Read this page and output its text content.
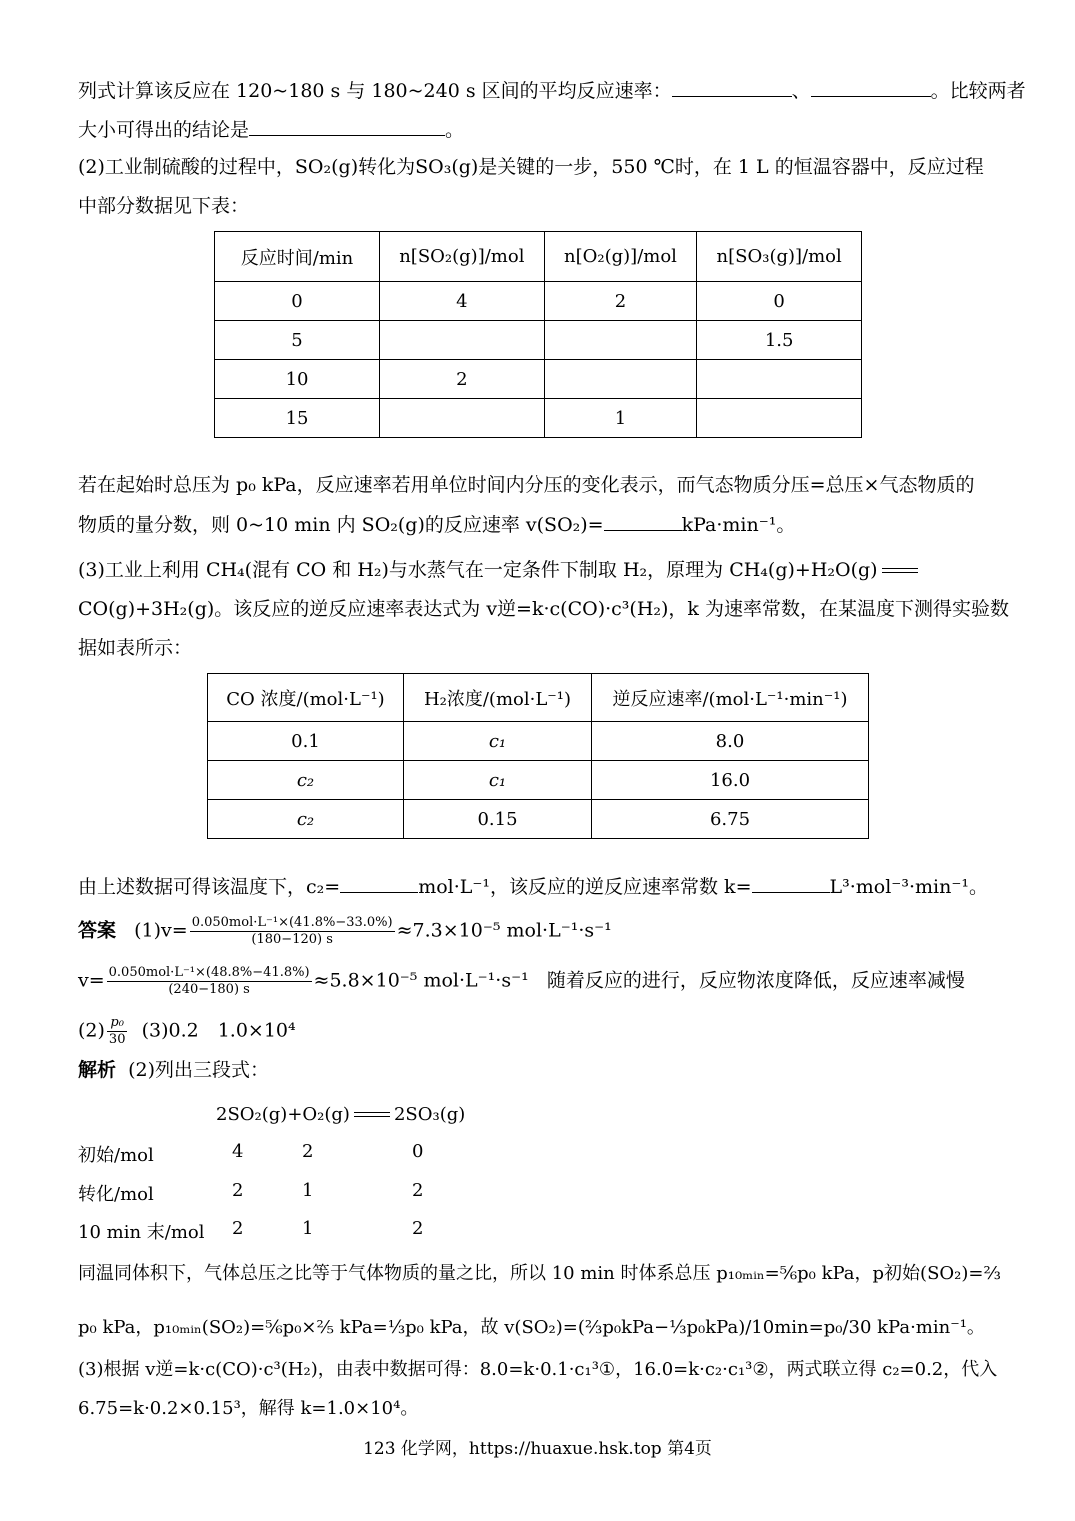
列式计算该反应在 120~180 s 与 180~240 s 区间的平均反应速率：	、	。比较两者
大小可得出的结论是	。
(2)工业制硫酸的过程中，SO₂(g)转化为SO₃(g)是关键的一步，550 ℃时，在 1 L 的恒温容器中，反应过程
中部分数据见下表：
反应时间/min	n[SO₂(g)]/mol	n[O₂(g)]/mol	n[SO₃(g)]/mol
0	4	2	0
5			1.5
10	2		
15		1	
若在起始时总压为 p₀ kPa，反应速率若用单位时间内分压的变化表示，而气态物质分压=总压×气态物质的
物质的量分数，则 0~10 min 内 SO₂(g)的反应速率 v(SO₂)=	kPa·min⁻¹。
(3)工业上利用 CH₄(混有 CO 和 H₂)与水蒸气在一定条件下制取 H₂，原理为 CH₄(g)+H₂O(g)
CO(g)+3H₂(g)。该反应的逆反应速率表达式为 v逆=k·c(CO)·c³(H₂)，k 为速率常数，在某温度下测得实验数
据如表所示：
CO 浓度/(mol·L⁻¹)	H₂浓度/(mol·L⁻¹)	逆反应速率/(mol·L⁻¹·min⁻¹)
0.1	c₁	8.0
c₂	c₁	16.0
c₂	0.15	6.75
由上述数据可得该温度下，c₂=	mol·L⁻¹，该反应的逆反应速率常数 k=	L³·mol⁻³·min⁻¹。
答案 $(1)v= \frac{\text{0.050mol·L⁻¹×(41.8\%−33.0\%)}}{(180-120) s} \approx 7.3\times 10^{-5}$ mol·L⁻¹·s⁻¹
$v= \frac{\text{0.050mol·L⁻¹×(48.8\%−41.8\%)}}{(240-180) s} \approx 5.8\times 10^{-5}$ mol·L⁻¹·s⁻¹ 随着反应的进行，反应物浓度降低，反应速率减慢
$(2) \frac{\text{p₀}}{30} (3)0.2$　1.0×10⁴
解析 (2)列出三段式：
2SO₂(g)+O₂(g) 2SO₃(g)
初始/mol	4	2	0
转化/mol	2	1	2
10 min 末/mol 2	1	2
同温同体积下，气体总压之比等于气体物质的量之比，所以 10 min 时体系总压 p₁₀ₘᵢₙ=⅚p₀ kPa，p初始(SO₂)=⅔
p₀ kPa，p₁₀ₘᵢₙ(SO₂)=⅚p₀×⅖ kPa=⅓p₀ kPa，故 v(SO₂)=(⅔p₀kPa−⅓p₀kPa)/10min=p₀/30 kPa·min⁻¹。
(3)根据 v逆=k·c(CO)·c³(H₂)，由表中数据可得：8.0=k·0.1·c₁³①，16.0=k·c₂·c₁³②，两式联立得 c₂=0.2，代入
6.75=k·0.2×0.15³，解得 k=1.0×10⁴。
123 化学网，https://huaxue.hsk.top 第4页
